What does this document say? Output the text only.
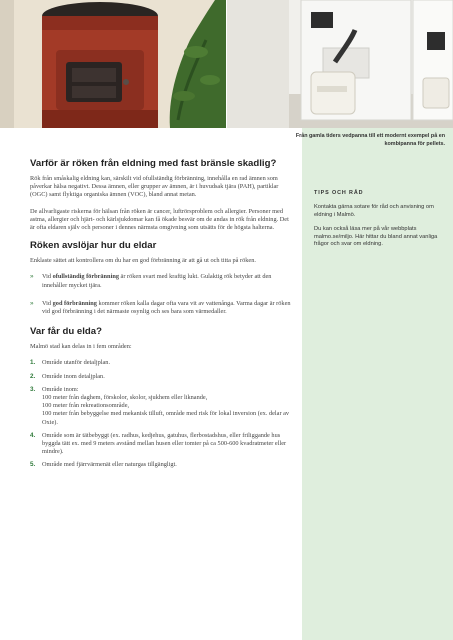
Från gamla tiders vedpanna till ett modernt exempel på en kombipanna för pellets.
Varför är röken från eldning med fast bränsle skadlig?

Rök från småskalig eldning kan, särskilt vid ofullständig förbränning, innehålla en rad ämnen som påverkar hälsa negativt. Dessa ämnen, eller grupper av ämnen, är i huvudsak tjära (PAH), partiklar (OGC) samt flyktiga organiska ämnen (VOC), bland annat metan.

De allvarligaste riskerna för hälsan från röken är cancer, luftrörsproblem och allergier. Personer med astma, allergier och hjärt- och kärlsjukdomar kan få ökade besvär om de andas in rök från eldning. Det är ofta eldaren själv och personer i dennes närmsta omgivning som utsätts för de högsta halterna.

Röken avslöjar hur du eldar

Enklaste sättet att kontrollera om du har en god förbränning är att gå ut och titta på röken.

» Vid ofullständig förbränning är röken svart med kraftig lukt. Gulaktig rök betyder att den innehåller mycket tjära.
» Vid god förbränning kommer röken kalla dagar ofta vara vit av vattenånga. Varma dagar är röken vid god förbränning i det närmaste osynlig och ses bara som värmedaller.
Var får du elda?

Malmö stad kan delas in i fem områden:

1. Område utanför detaljplan.
2. Område inom detaljplan.
3. Område inom:
100 meter från daghem, förskolor, skolor, sjukhem eller liknande,
100 meter från rekreationsområde,
100 meter från bebyggelse med mekanisk tilluft, område med risk för lokal inversion (ex. delar av Oxie).
4. Område som är tätbebyggt (ex. radhus, kedjehus, gatuhus, flerbostadshus, eller friliggande hus byggda tätt ex. med 9 meters avstånd mellan husen eller tomter på ca 500-600 kvadratmeter eller mindre).
5. Område med fjärrvärmenät eller naturgas tillgängligt.
TIPS OCH RÅD

Kontakta gärna sotare för råd och anvisning om eldning i Malmö.

Du kan också läsa mer på vår webbplats malmo.se/miljo. Här hittar du bland annat vanliga frågor och svar om eldning.
